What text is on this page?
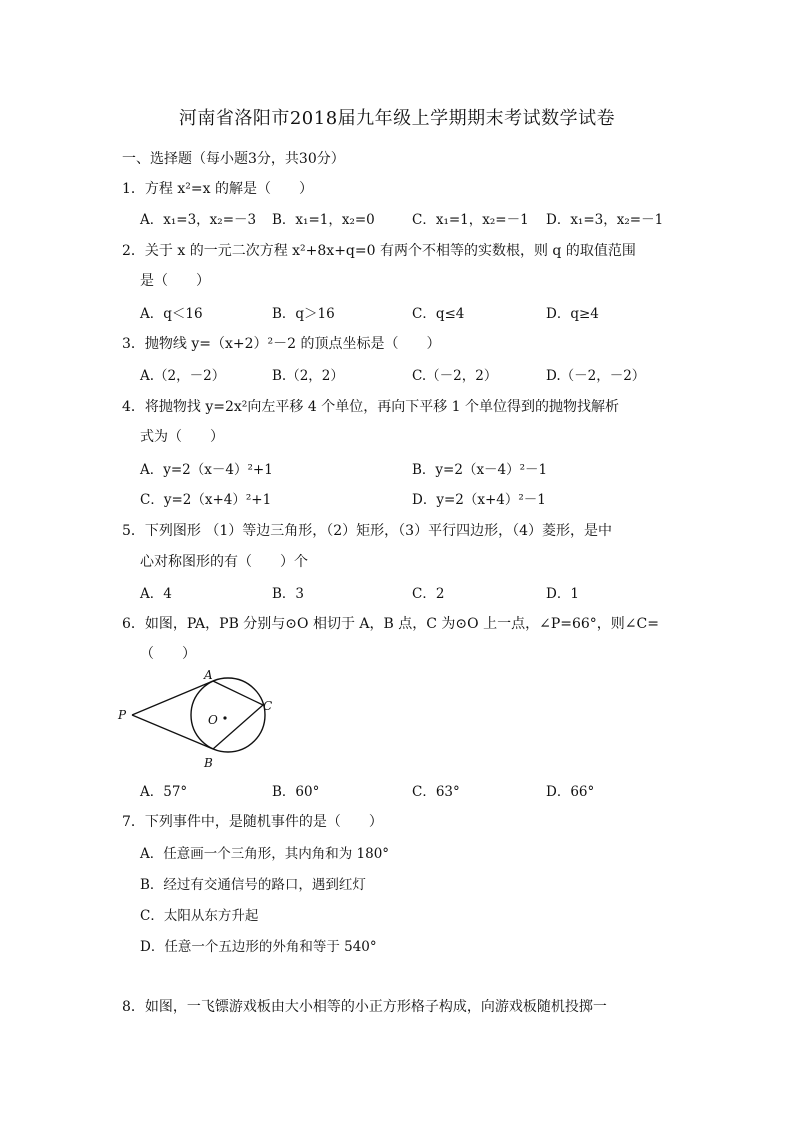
河南省洛阳市2018届九年级上学期期末考试数学试卷
一、选择题（每小题3分，共30分）
1．方程 x²=x 的解是（　　）
A．x₁=3，x₂=－3 B．x₁=1，x₂=0	C．x₁=1，x₂=－1 D．x₁=3，x₂=－1
2．关于 x 的一元二次方程 x²+8x+q=0 有两个不相等的实数根，则 q 的取值范围
是（　　）
A．q＜16	B．q＞16	C．q≤4	D．q≥4
3．抛物线 y=（x+2）²－2 的顶点坐标是（　　）
A.（2，－2）	B.（2，2）	C.（－2，2）	D.（－2，－2）
4．将抛物找 y=2x²向左平移 4 个单位，再向下平移 1 个单位得到的抛物找解析
式为（　　）
A．y=2（x－4）²+1	B．y=2（x－4）²－1
C．y=2（x+4）²+1	D．y=2（x+4）²－1
5．下列图形 （1）等边三角形，（2）矩形，（3）平行四边形，（4）菱形，是中
心对称图形的有（　　）个
A．4	B．3	C．2	D．1
6．如图，PA，PB 分别与⊙O 相切于 A，B 点，C 为⊙O 上一点，∠P=66°，则∠C=
（　　）
P
A
B
C
O
A．57°	B．60°	C．63°	D．66°
7．下列事件中，是随机事件的是（　　）
A．任意画一个三角形，其内角和为 180°
B．经过有交通信号的路口，遇到红灯
C．太阳从东方升起
D．任意一个五边形的外角和等于 540°
8．如图，一飞镖游戏板由大小相等的小正方形格子构成，向游戏板随机投掷一
